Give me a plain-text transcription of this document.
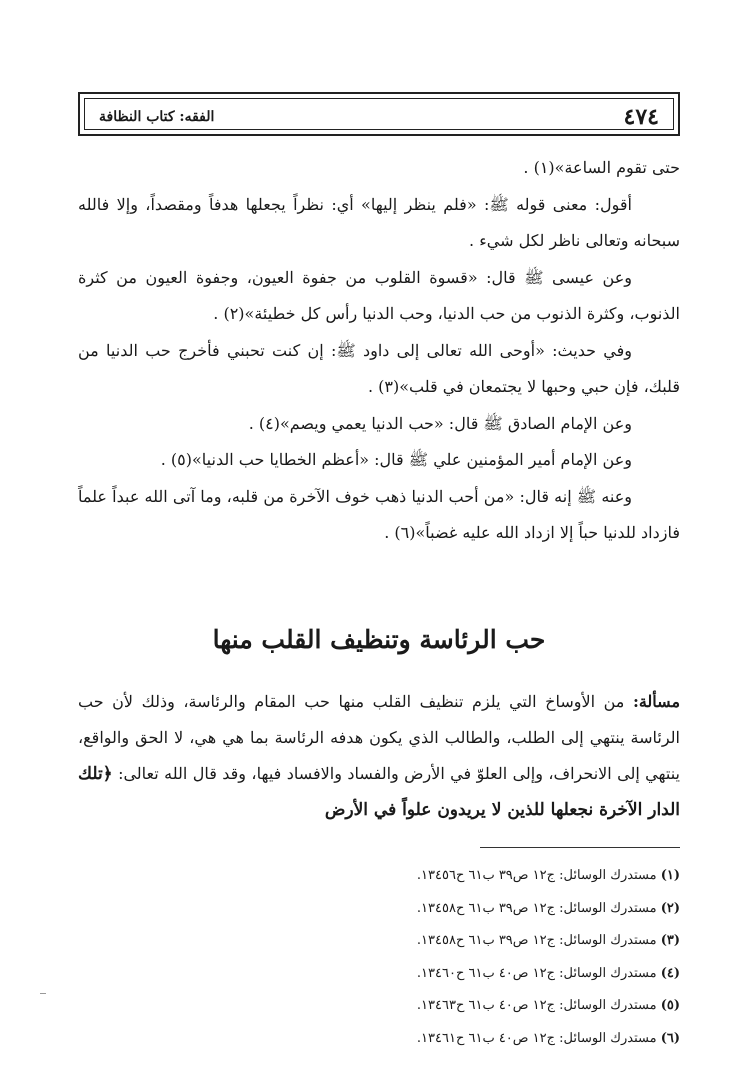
٤٧٤
الفقه: كتاب النظافة

حتى تقوم الساعة»(١) .

أقول: معنى قوله ﷺ: «فلم ينظر إليها» أي: نظراً يجعلها هدفاً ومقصداً، وإلا فالله سبحانه وتعالى ناظر لكل شيء .

وعن عيسى ﷺ قال: «قسوة القلوب من جفوة العيون، وجفوة العيون من كثرة الذنوب، وكثرة الذنوب من حب الدنيا، وحب الدنيا رأس كل خطيئة»(٢) .

وفي حديث: «أوحى الله تعالى إلى داود ﷺ: إن كنت تحبني فأخرج حب الدنيا من قلبك، فإن حبي وحبها لا يجتمعان في قلب»(٣) .

وعن الإمام الصادق ﷺ قال: «حب الدنيا يعمي ويصم»(٤) .

وعن الإمام أمير المؤمنين علي ﷺ قال: «أعظم الخطايا حب الدنيا»(٥) .

وعنه ﷺ إنه قال: «من أحب الدنيا ذهب خوف الآخرة من قلبه، وما آتى الله عبداً علماً فازداد للدنيا حباً إلا ازداد الله عليه غضباً»(٦) .

حب الرئاسة وتنظيف القلب منها

مسألة: من الأوساخ التي يلزم تنظيف القلب منها حب المقام والرئاسة، وذلك لأن حب الرئاسة ينتهي إلى الطلب، والطالب الذي يكون هدفه الرئاسة بما هي هي، لا الحق والواقع، ينتهي إلى الانحراف، وإلى العلوّ في الأرض والفساد والافساد فيها، وقد قال الله تعالى: ﴿تلك الدار الآخرة نجعلها للذين لا يريدون علواً في الأرض

(١) مستدرك الوسائل: ج١٢ ص٣٩ ب٦١ ح١٣٤٥٦.
(٢) مستدرك الوسائل: ج١٢ ص٣٩ ب٦١ ح١٣٤٥٨.
(٣) مستدرك الوسائل: ج١٢ ص٣٩ ب٦١ ح١٣٤٥٨.
(٤) مستدرك الوسائل: ج١٢ ص٤٠ ب٦١ ح١٣٤٦٠.
(٥) مستدرك الوسائل: ج١٢ ص٤٠ ب٦١ ح١٣٤٦٣.
(٦) مستدرك الوسائل: ج١٢ ص٤٠ ب٦١ ح١٣٤٦١.
